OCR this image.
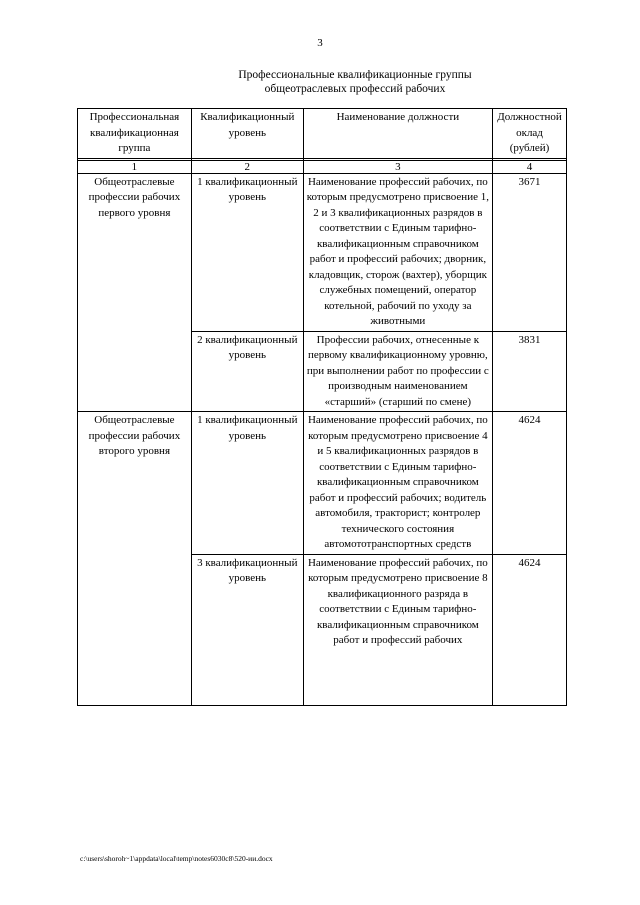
3
Профессиональные квалификационные группы
общеотраслевых профессий рабочих
Профессиональная квалификационная группа	Квалификационный уровень	Наименование должности	Должностной оклад (рублей)

1	2	3	4
Общеотраслевые профессии рабочих первого уровня	1 квалификационный уровень	Наименование профессий рабочих, по которым предусмотрено присвоение 1, 2 и 3 квалификационных разрядов в соответствии с Единым тарифно-квалификационным справочником работ и профессий рабочих; дворник, кладовщик, сторож (вахтер), уборщик служебных помещений, оператор котельной, рабочий по уходу за животными	3671
	2 квалификационный уровень	Профессии рабочих, отнесенные к первому квалификационному уровню, при выполнении работ по профессии с производным наименованием «старший» (старший по смене)	3831
Общеотраслевые профессии рабочих второго уровня	1 квалификационный уровень	Наименование профессий рабочих, по которым предусмотрено присвоение 4 и 5 квалификационных разрядов в соответствии с Единым тарифно-квалификационным справочником работ и профессий рабочих; водитель автомобиля, тракторист; контролер технического состояния автомототранспортных средств	4624
	3 квалификационный уровень	Наименование профессий рабочих, по которым предусмотрено присвоение 8 квалификационного разряда в соответствии с Единым тарифно-квалификационным справочником работ и профессий рабочих	4624
c:\users\shoroh~1\appdata\local\temp\notes6030c8\520-ии.docx
